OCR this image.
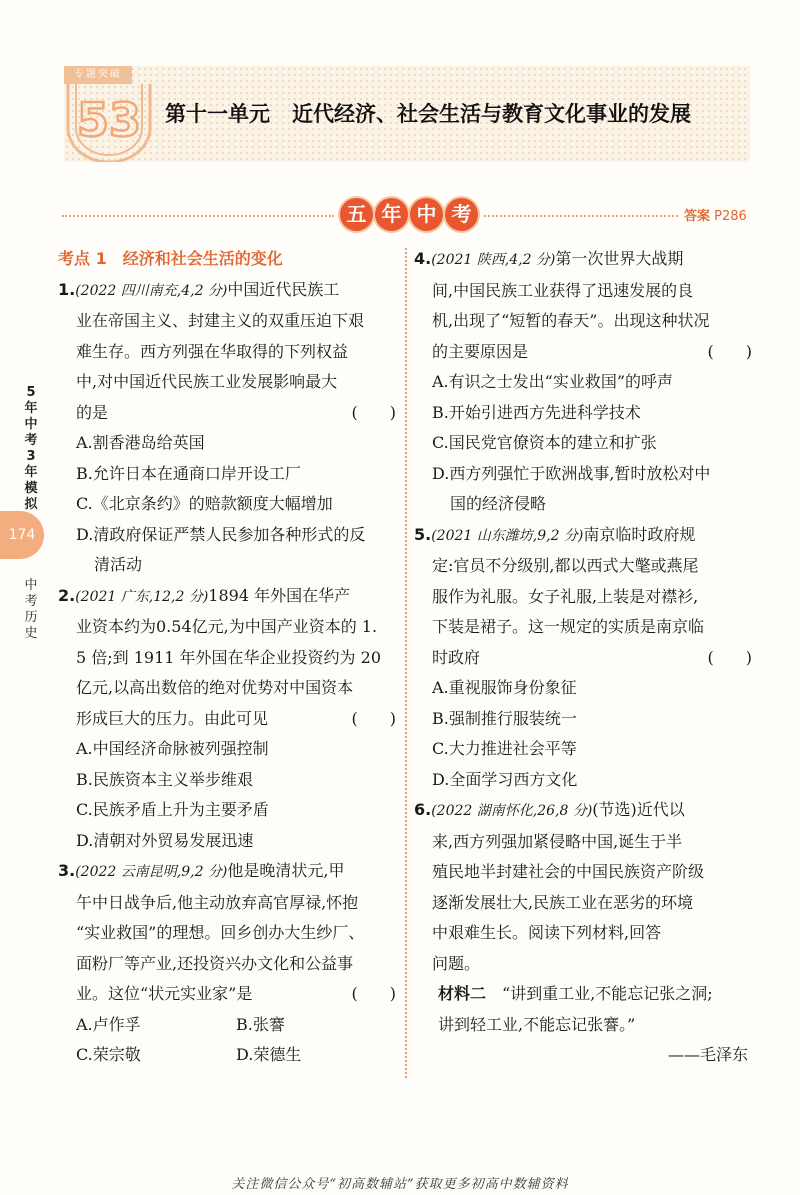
专题突破
53 第十一单元 近代经济、社会生活与教育文化事业的发展
五 年 中 考	答案 P286
5年中考3年模拟
174
中考历史
考点 1　经济和社会生活的变化
1.(2022 四川南充,4,2 分)中国近代民族工
业在帝国主义、封建主义的双重压迫下艰
难生存。西方列强在华取得的下列权益
中,对中国近代民族工业发展影响最大
的是	(　　)
A.割香港岛给英国
B.允许日本在通商口岸开设工厂
C.《北京条约》的赔款额度大幅增加
D.清政府保证严禁人民参加各种形式的反
清活动
2.(2021 广东,12,2 分)1894 年外国在华产
业资本约为0.54亿元,为中国产业资本的 1.
5 倍;到 1911 年外国在华企业投资约为 20
亿元,以高出数倍的绝对优势对中国资本
形成巨大的压力。由此可见	(　　)
A.中国经济命脉被列强控制
B.民族资本主义举步维艰
C.民族矛盾上升为主要矛盾
D.清朝对外贸易发展迅速
3.(2022 云南昆明,9,2 分)他是晚清状元,甲
午中日战争后,他主动放弃高官厚禄,怀抱
“实业救国”的理想。回乡创办大生纱厂、
面粉厂等产业,还投资兴办文化和公益事
业。这位“状元实业家”是	(　　)
A.卢作孚	B.张謇
C.荣宗敬	D.荣德生
4.(2021 陕西,4,2 分)第一次世界大战期
间,中国民族工业获得了迅速发展的良
机,出现了“短暂的春天”。出现这种状况
的主要原因是	(　　)
A.有识之士发出“实业救国”的呼声
B.开始引进西方先进科学技术
C.国民党官僚资本的建立和扩张
D.西方列强忙于欧洲战事,暂时放松对中
国的经济侵略
5.(2021 山东潍坊,9,2 分)南京临时政府规
定:官员不分级别,都以西式大氅或燕尾
服作为礼服。女子礼服,上装是对襟衫,
下装是裙子。这一规定的实质是南京临
时政府	(　　)
A.重视服饰身份象征
B.强制推行服装统一
C.大力推进社会平等
D.全面学习西方文化
6.(2022 湖南怀化,26,8 分)(节选)近代以
来,西方列强加紧侵略中国,诞生于半
殖民地半封建社会的中国民族资产阶级
逐渐发展壮大,民族工业在恶劣的环境
中艰难生长。阅读下列材料,回答
问题。
材料二　 “讲到重工业,不能忘记张之洞;
讲到轻工业,不能忘记张謇。”
——毛泽东
关注微信公众号“初高数辅站”获取更多初高中数辅资料
